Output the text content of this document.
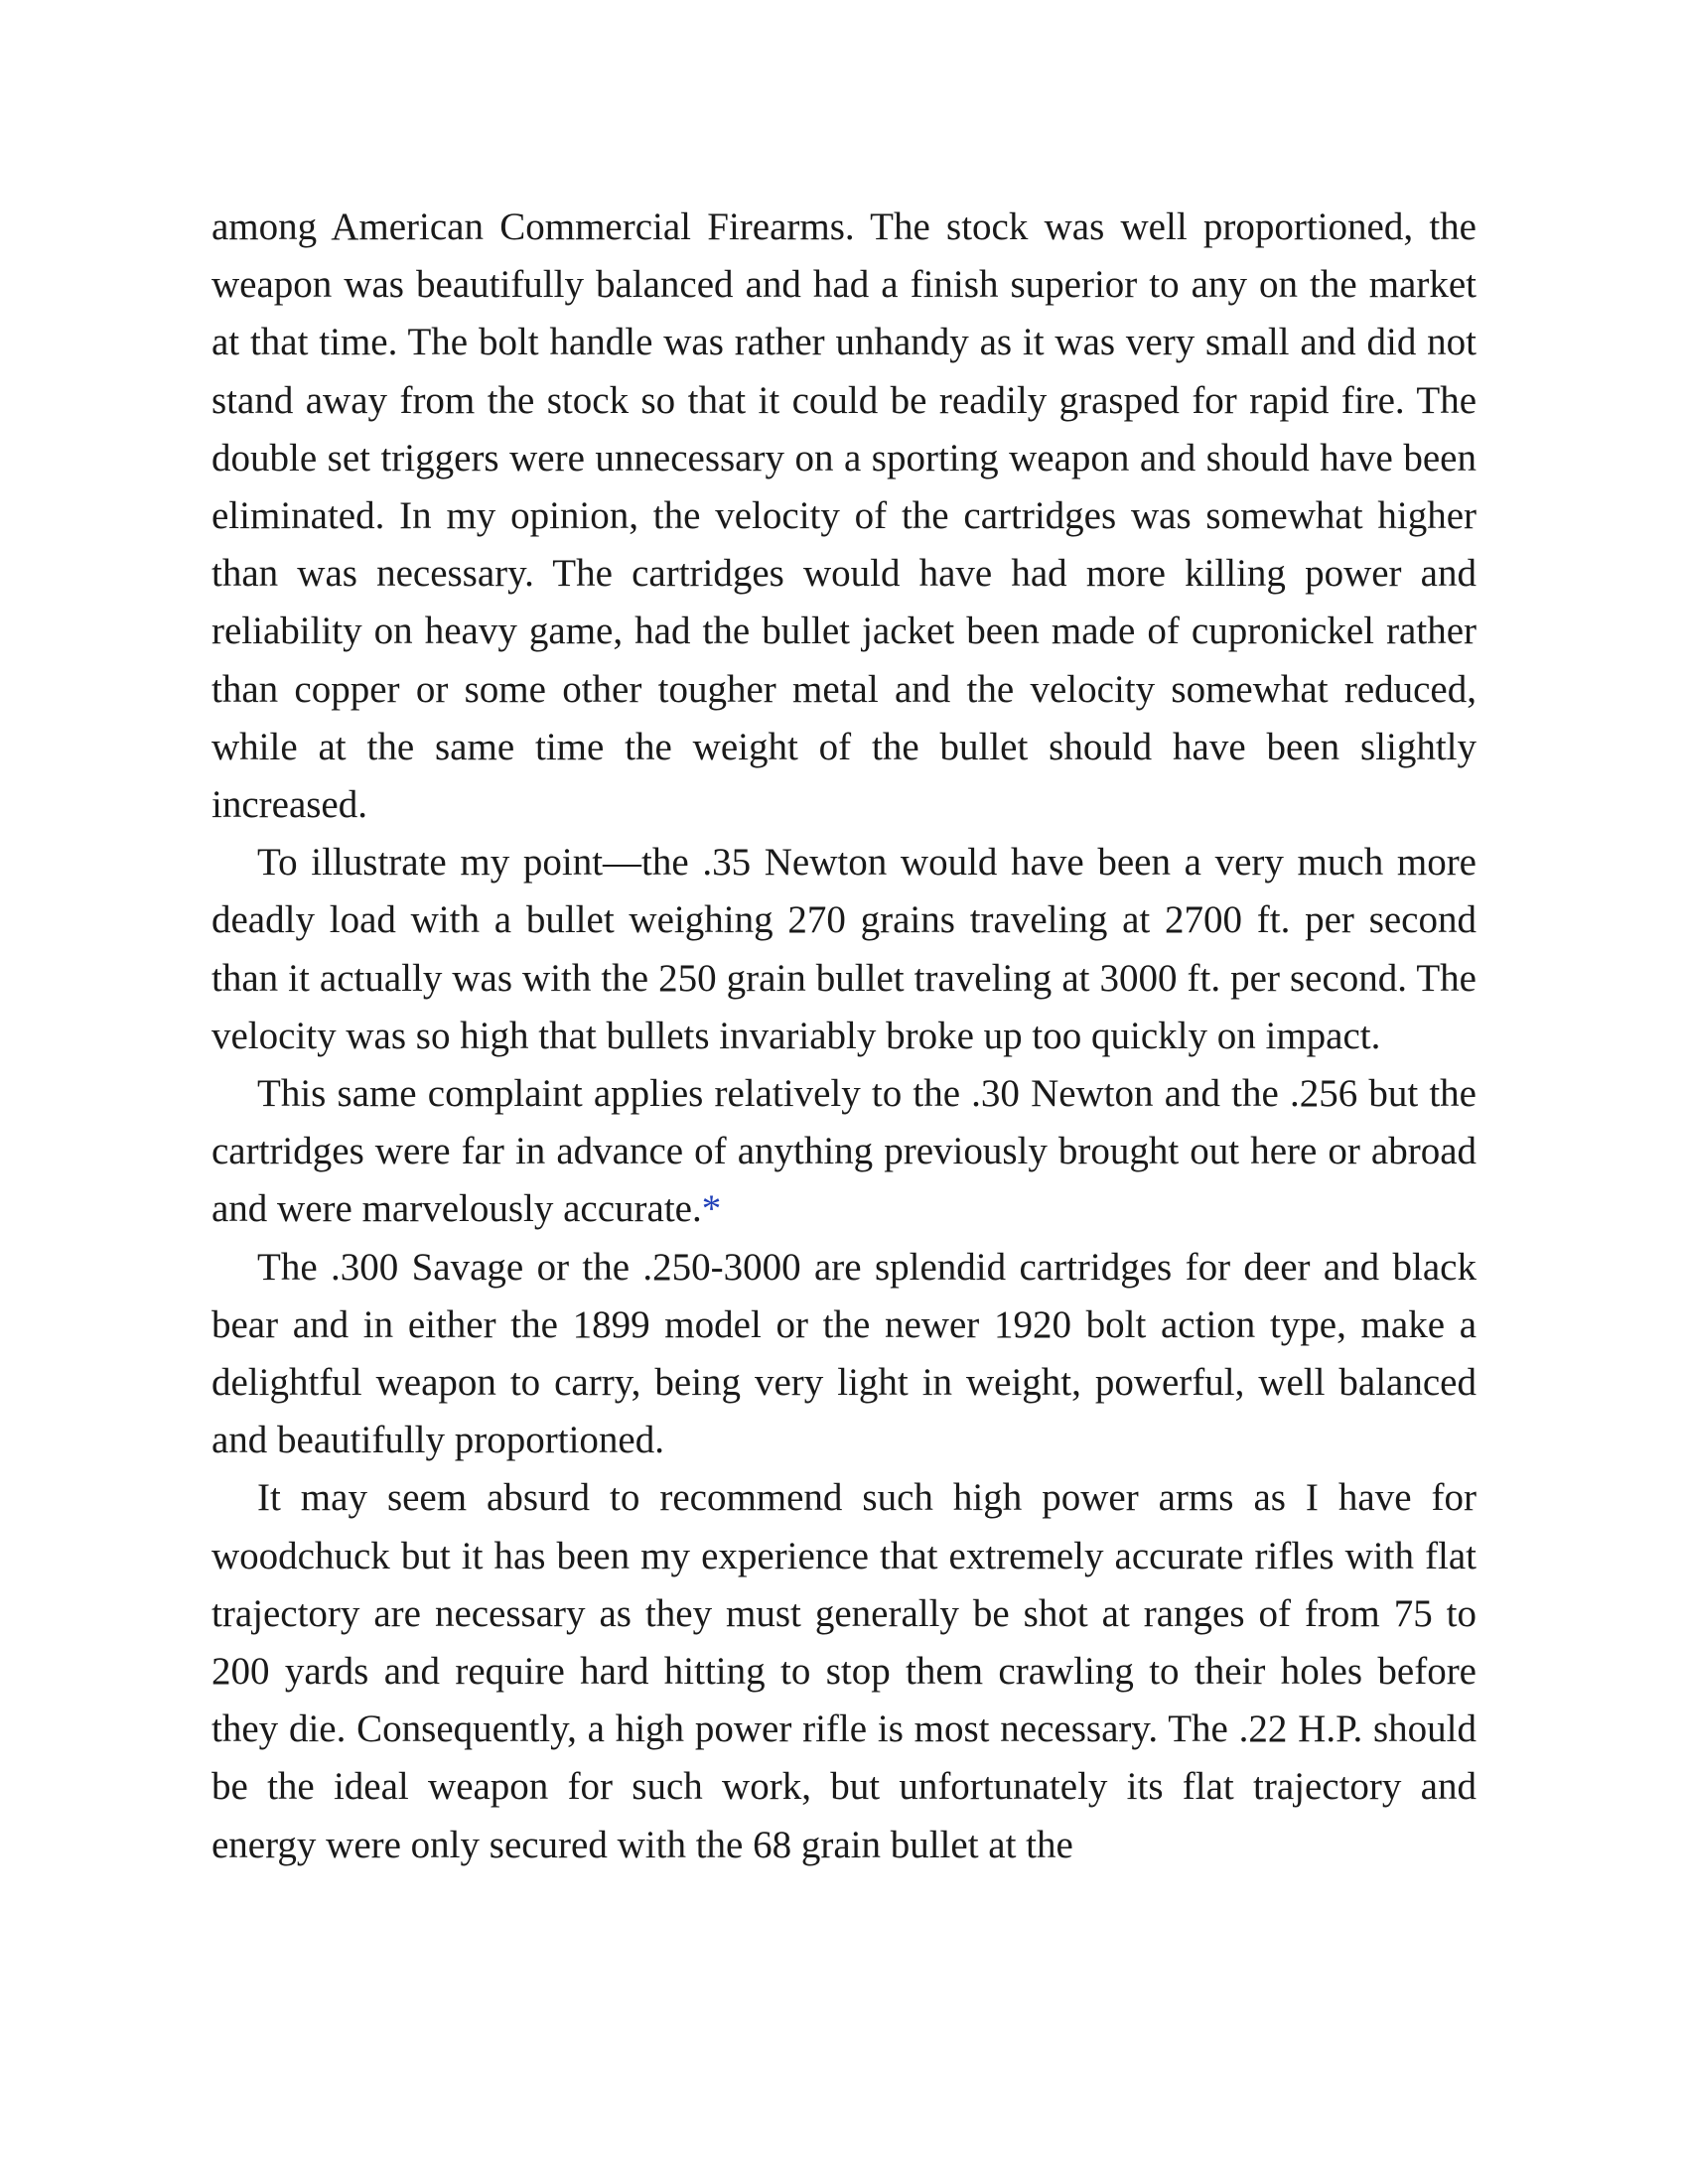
among American Commercial Firearms. The stock was well proportioned, the weapon was beautifully balanced and had a finish superior to any on the market at that time. The bolt handle was rather unhandy as it was very small and did not stand away from the stock so that it could be readily grasped for rapid fire. The double set triggers were unnecessary on a sporting weapon and should have been eliminated. In my opinion, the velocity of the cartridges was somewhat higher than was necessary. The cartridges would have had more killing power and reliability on heavy game, had the bullet jacket been made of cupronickel rather than copper or some other tougher metal and the velocity somewhat reduced, while at the same time the weight of the bullet should have been slightly increased.

To illustrate my point—the .35 Newton would have been a very much more deadly load with a bullet weighing 270 grains traveling at 2700 ft. per second than it actually was with the 250 grain bullet traveling at 3000 ft. per second. The velocity was so high that bullets invariably broke up too quickly on impact.

This same complaint applies relatively to the .30 Newton and the .256 but the cartridges were far in advance of anything previously brought out here or abroad and were marvelously accurate.*

The .300 Savage or the .250-3000 are splendid cartridges for deer and black bear and in either the 1899 model or the newer 1920 bolt action type, make a delightful weapon to carry, being very light in weight, powerful, well balanced and beautifully proportioned.

It may seem absurd to recommend such high power arms as I have for woodchuck but it has been my experience that extremely accurate rifles with flat trajectory are necessary as they must generally be shot at ranges of from 75 to 200 yards and require hard hitting to stop them crawling to their holes before they die. Consequently, a high power rifle is most necessary. The .22 H.P. should be the ideal weapon for such work, but unfortunately its flat trajectory and energy were only secured with the 68 grain bullet at the
